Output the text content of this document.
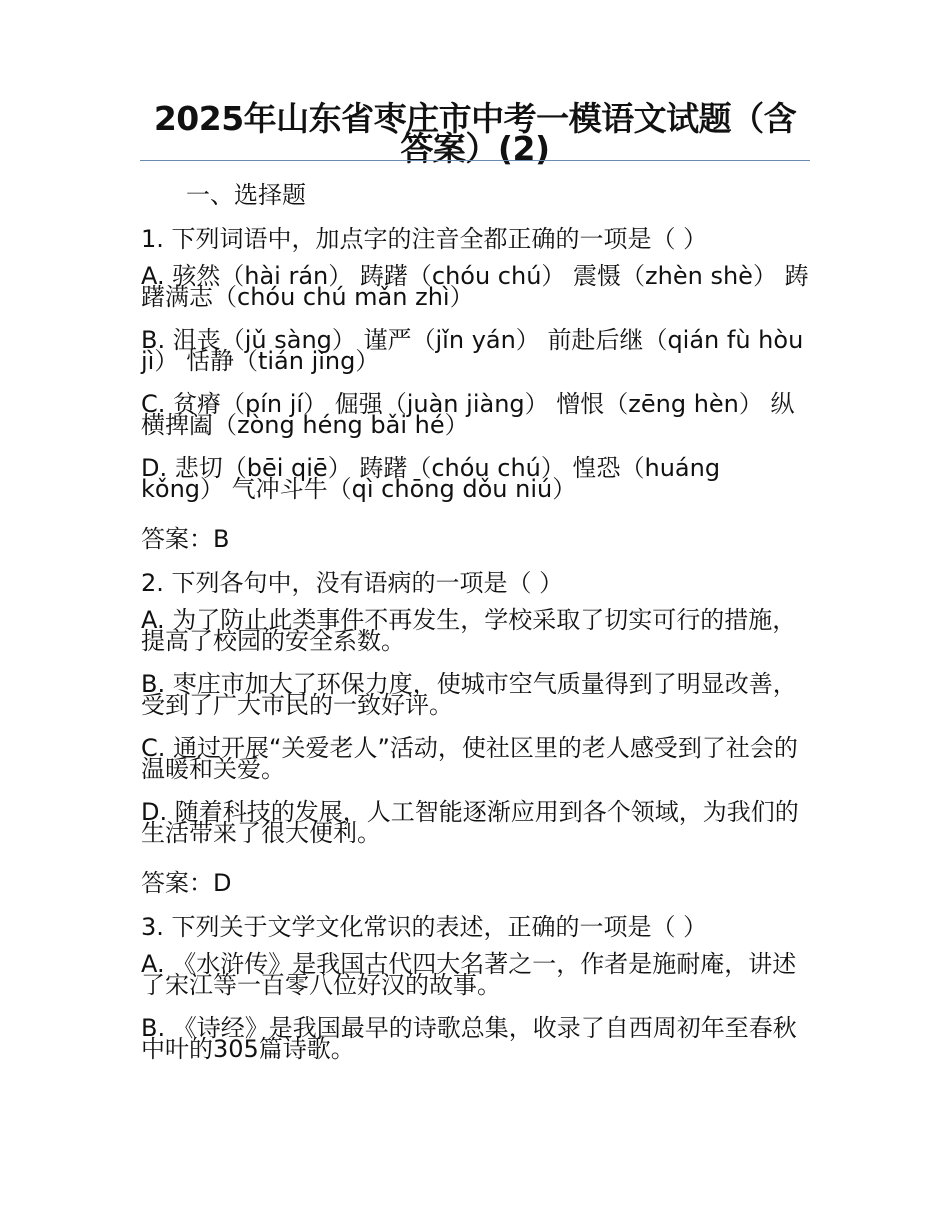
2025年山东省枣庄市中考一模语文试题（含答案）(2)
一、选择题
1. 下列词语中，加点字的注音全都正确的一项是（ ）
A. 骇然（hài rán） 踌躇（chóu chú） 震慑（zhèn shè） 踌躇满志（chóu chú mǎn zhì）
B. 沮丧（jǔ sàng） 谨严（jǐn yán） 前赴后继（qián fù hòu jì） 恬静（tián jìng）
C. 贫瘠（pín jí） 倔强（juàn jiàng） 憎恨（zēng hèn） 纵横捭阖（zòng héng bǎi hé）
D. 悲切（bēi qiē） 踌躇（chóu chú） 惶恐（huáng kǒng） 气冲斗牛（qì chōng dǒu niú）
答案：B
2. 下列各句中，没有语病的一项是（ ）
A. 为了防止此类事件不再发生，学校采取了切实可行的措施，提高了校园的安全系数。
B. 枣庄市加大了环保力度，使城市空气质量得到了明显改善，受到了广大市民的一致好评。
C. 通过开展“关爱老人”活动，使社区里的老人感受到了社会的温暖和关爱。
D. 随着科技的发展，人工智能逐渐应用到各个领域，为我们的生活带来了很大便利。
答案：D
3. 下列关于文学文化常识的表述，正确的一项是（ ）
A. 《水浒传》是我国古代四大名著之一，作者是施耐庵，讲述了宋江等一百零八位好汉的故事。
B. 《诗经》是我国最早的诗歌总集，收录了自西周初年至春秋中叶的305篇诗歌。
